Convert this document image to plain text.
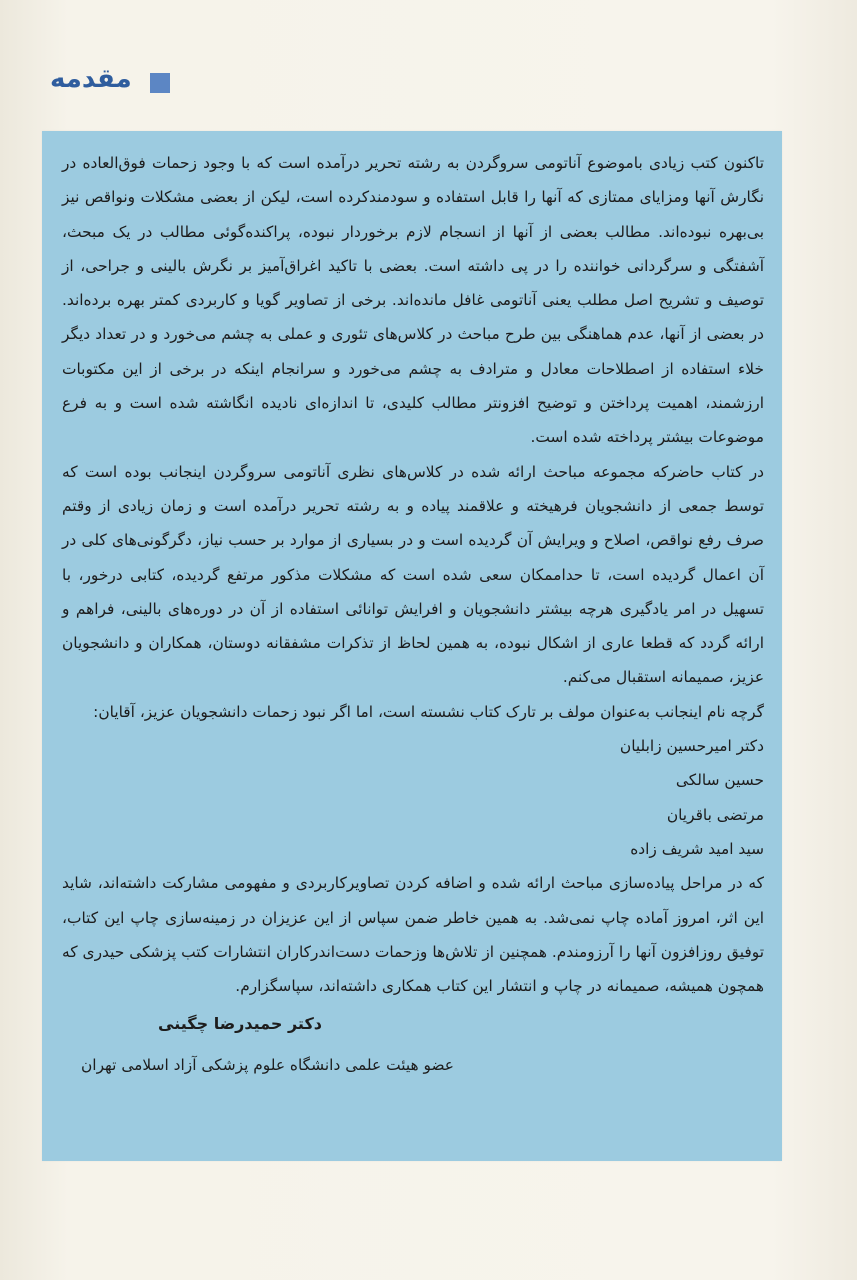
مقدمه

تاکنون کتب زیادی باموضوع آناتومی سروگردن به رشته تحریر درآمده است که با وجود زحمات فوق‌العاده در نگارش آنها ومزایای ممتازی که آنها را قابل استفاده و سودمندکرده است، لیکن از بعضی مشکلات ونواقص نیز بی‌بهره نبوده‌اند. مطالب بعضی از آنها از انسجام لازم برخوردار نبوده، پراکنده‌گوئی مطالب در یک مبحث، آشفتگی و سرگردانی خواننده را در پی داشته است. بعضی با تاکید اغراق‌آمیز بر نگرش بالینی و جراحی، از توصیف و تشریح اصل مطلب یعنی آناتومی غافل مانده‌اند. برخی از تصاویر گویا و کاربردی کمتر بهره برده‌اند. در بعضی از آنها، عدم هماهنگی بین طرح مباحث در کلاس‌های تئوری و عملی به چشم می‌خورد و در تعداد دیگر خلاء استفاده از اصطلاحات معادل و مترادف به چشم می‌خورد و سرانجام اینکه در برخی از این مکتوبات ارزشمند، اهمیت پرداختن و توضیح افزونتر مطالب کلیدی، تا اندازه‌ای نادیده انگاشته شده است و به فرع موضوعات بیشتر پرداخته شده است.

در کتاب حاضرکه مجموعه مباحث ارائه شده در کلاس‌های نظری آناتومی سروگردن اینجانب بوده است که توسط جمعی از دانشجویان فرهیخته و علاقمند پیاده و به رشته تحریر درآمده است و زمان زیادی از وقتم صرف رفع نواقص، اصلاح و ویرایش آن گردیده است و در بسیاری از موارد بر حسب نیاز، دگرگونی‌های کلی در آن اعمال گردیده است، تا حداممکان سعی شده است که مشکلات مذکور مرتفع گردیده، کتابی درخور، با تسهیل در امر یادگیری هرچه بیشتر دانشجویان و افرایش توانائی استفاده از آن در دوره‌های بالینی، فراهم و ارائه گردد که قطعا عاری از اشکال نبوده، به همین لحاظ از تذکرات مشفقانه دوستان، همکاران و دانشجویان عزیز، صمیمانه استقبال می‌کنم.

گرچه نام اینجانب به‌عنوان مولف بر تارک کتاب نشسته است، اما اگر نبود زحمات دانشجویان عزیز، آقایان:

دکتر امیرحسین زابلیان
حسین سالکی
مرتضی باقریان
سید امید شریف زاده

که در مراحل پیاده‌سازی مباحث ارائه شده و اضافه کردن تصاویرکاربردی و مفهومی مشارکت داشته‌اند، شاید این اثر، امروز آماده چاپ نمی‌شد. به همین خاطر ضمن سپاس از این عزیزان در زمینه‌سازی چاپ این کتاب، توفیق روزافزون آنها را آرزومندم. همچنین از تلاش‌ها وزحمات دست‌اندرکاران انتشارات کتب پزشکی حیدری که همچون همیشه، صمیمانه در چاپ و انتشار این کتاب همکاری داشته‌اند، سپاسگزارم.

دکتر حمیدرضا چگینی
عضو هیئت علمی دانشگاه علوم پزشکی آزاد اسلامی تهران
